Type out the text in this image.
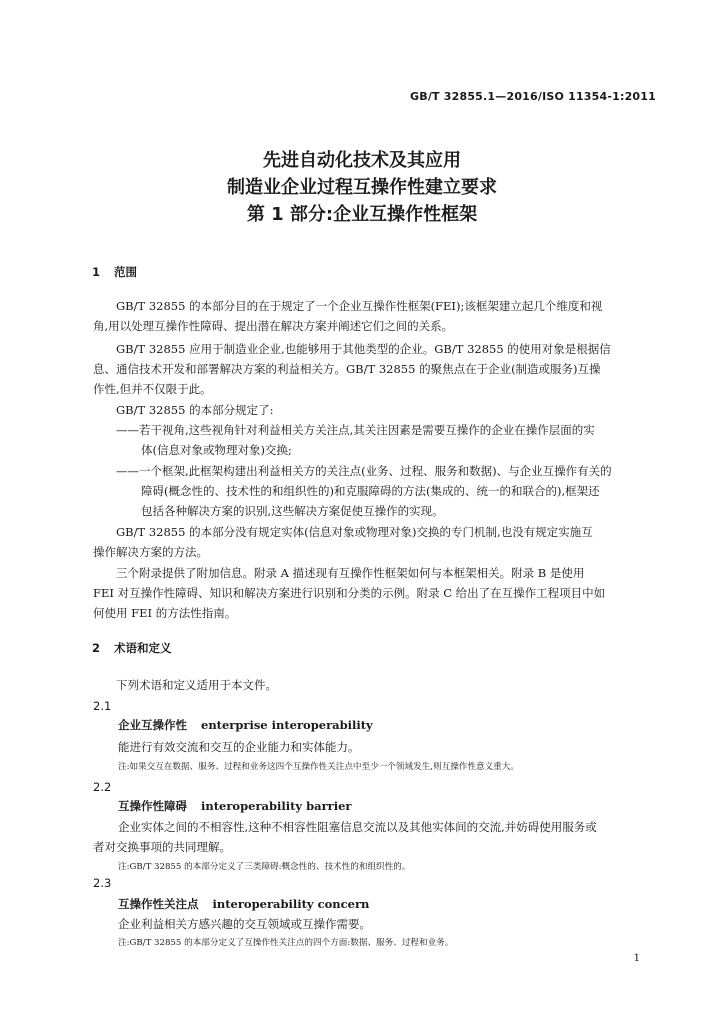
GB/T 32855.1—2016/ISO 11354-1:2011
先进自动化技术及其应用
制造业企业过程互操作性建立要求
第 1 部分:企业互操作性框架
1 范围
GB/T 32855 的本部分目的在于规定了一个企业互操作性框架(FEI);该框架建立起几个维度和视
角,用以处理互操作性障碍、提出潜在解决方案并阐述它们之间的关系。
GB/T 32855 应用于制造业企业,也能够用于其他类型的企业。GB/T 32855 的使用对象是根据信
息、通信技术开发和部署解决方案的利益相关方。GB/T 32855 的聚焦点在于企业(制造或服务)互操
作性,但并不仅限于此。
GB/T 32855 的本部分规定了:
——若干视角,这些视角针对利益相关方关注点,其关注因素是需要互操作的企业在操作层面的实
体(信息对象或物理对象)交换;
——一个框架,此框架构建出利益相关方的关注点(业务、过程、服务和数据)、与企业互操作有关的
障碍(概念性的、技术性的和组织性的)和克服障碍的方法(集成的、统一的和联合的),框架还
包括各种解决方案的识别,这些解决方案促使互操作的实现。
GB/T 32855 的本部分没有规定实体(信息对象或物理对象)交换的专门机制,也没有规定实施互
操作解决方案的方法。
三个附录提供了附加信息。附录 A 描述现有互操作性框架如何与本框架相关。附录 B 是使用
FEI 对互操作性障碍、知识和解决方案进行识别和分类的示例。附录 C 给出了在互操作工程项目中如
何使用 FEI 的方法性指南。
2 术语和定义
下列术语和定义适用于本文件。
2.1
企业互操作性 enterprise interoperability
能进行有效交流和交互的企业能力和实体能力。
注:如果交互在数据、服务、过程和业务这四个互操作性关注点中至少一个领域发生,则互操作性意义重大。
2.2
互操作性障碍 interoperability barrier
企业实体之间的不相容性,这种不相容性阻塞信息交流以及其他实体间的交流,并妨碍使用服务或
者对交换事项的共同理解。
注:GB/T 32855 的本部分定义了三类障碍:概念性的、技术性的和组织性的。
2.3
互操作性关注点 interoperability concern
企业利益相关方感兴趣的交互领域或互操作需要。
注:GB/T 32855 的本部分定义了互操作性关注点的四个方面:数据、服务、过程和业务。
1
